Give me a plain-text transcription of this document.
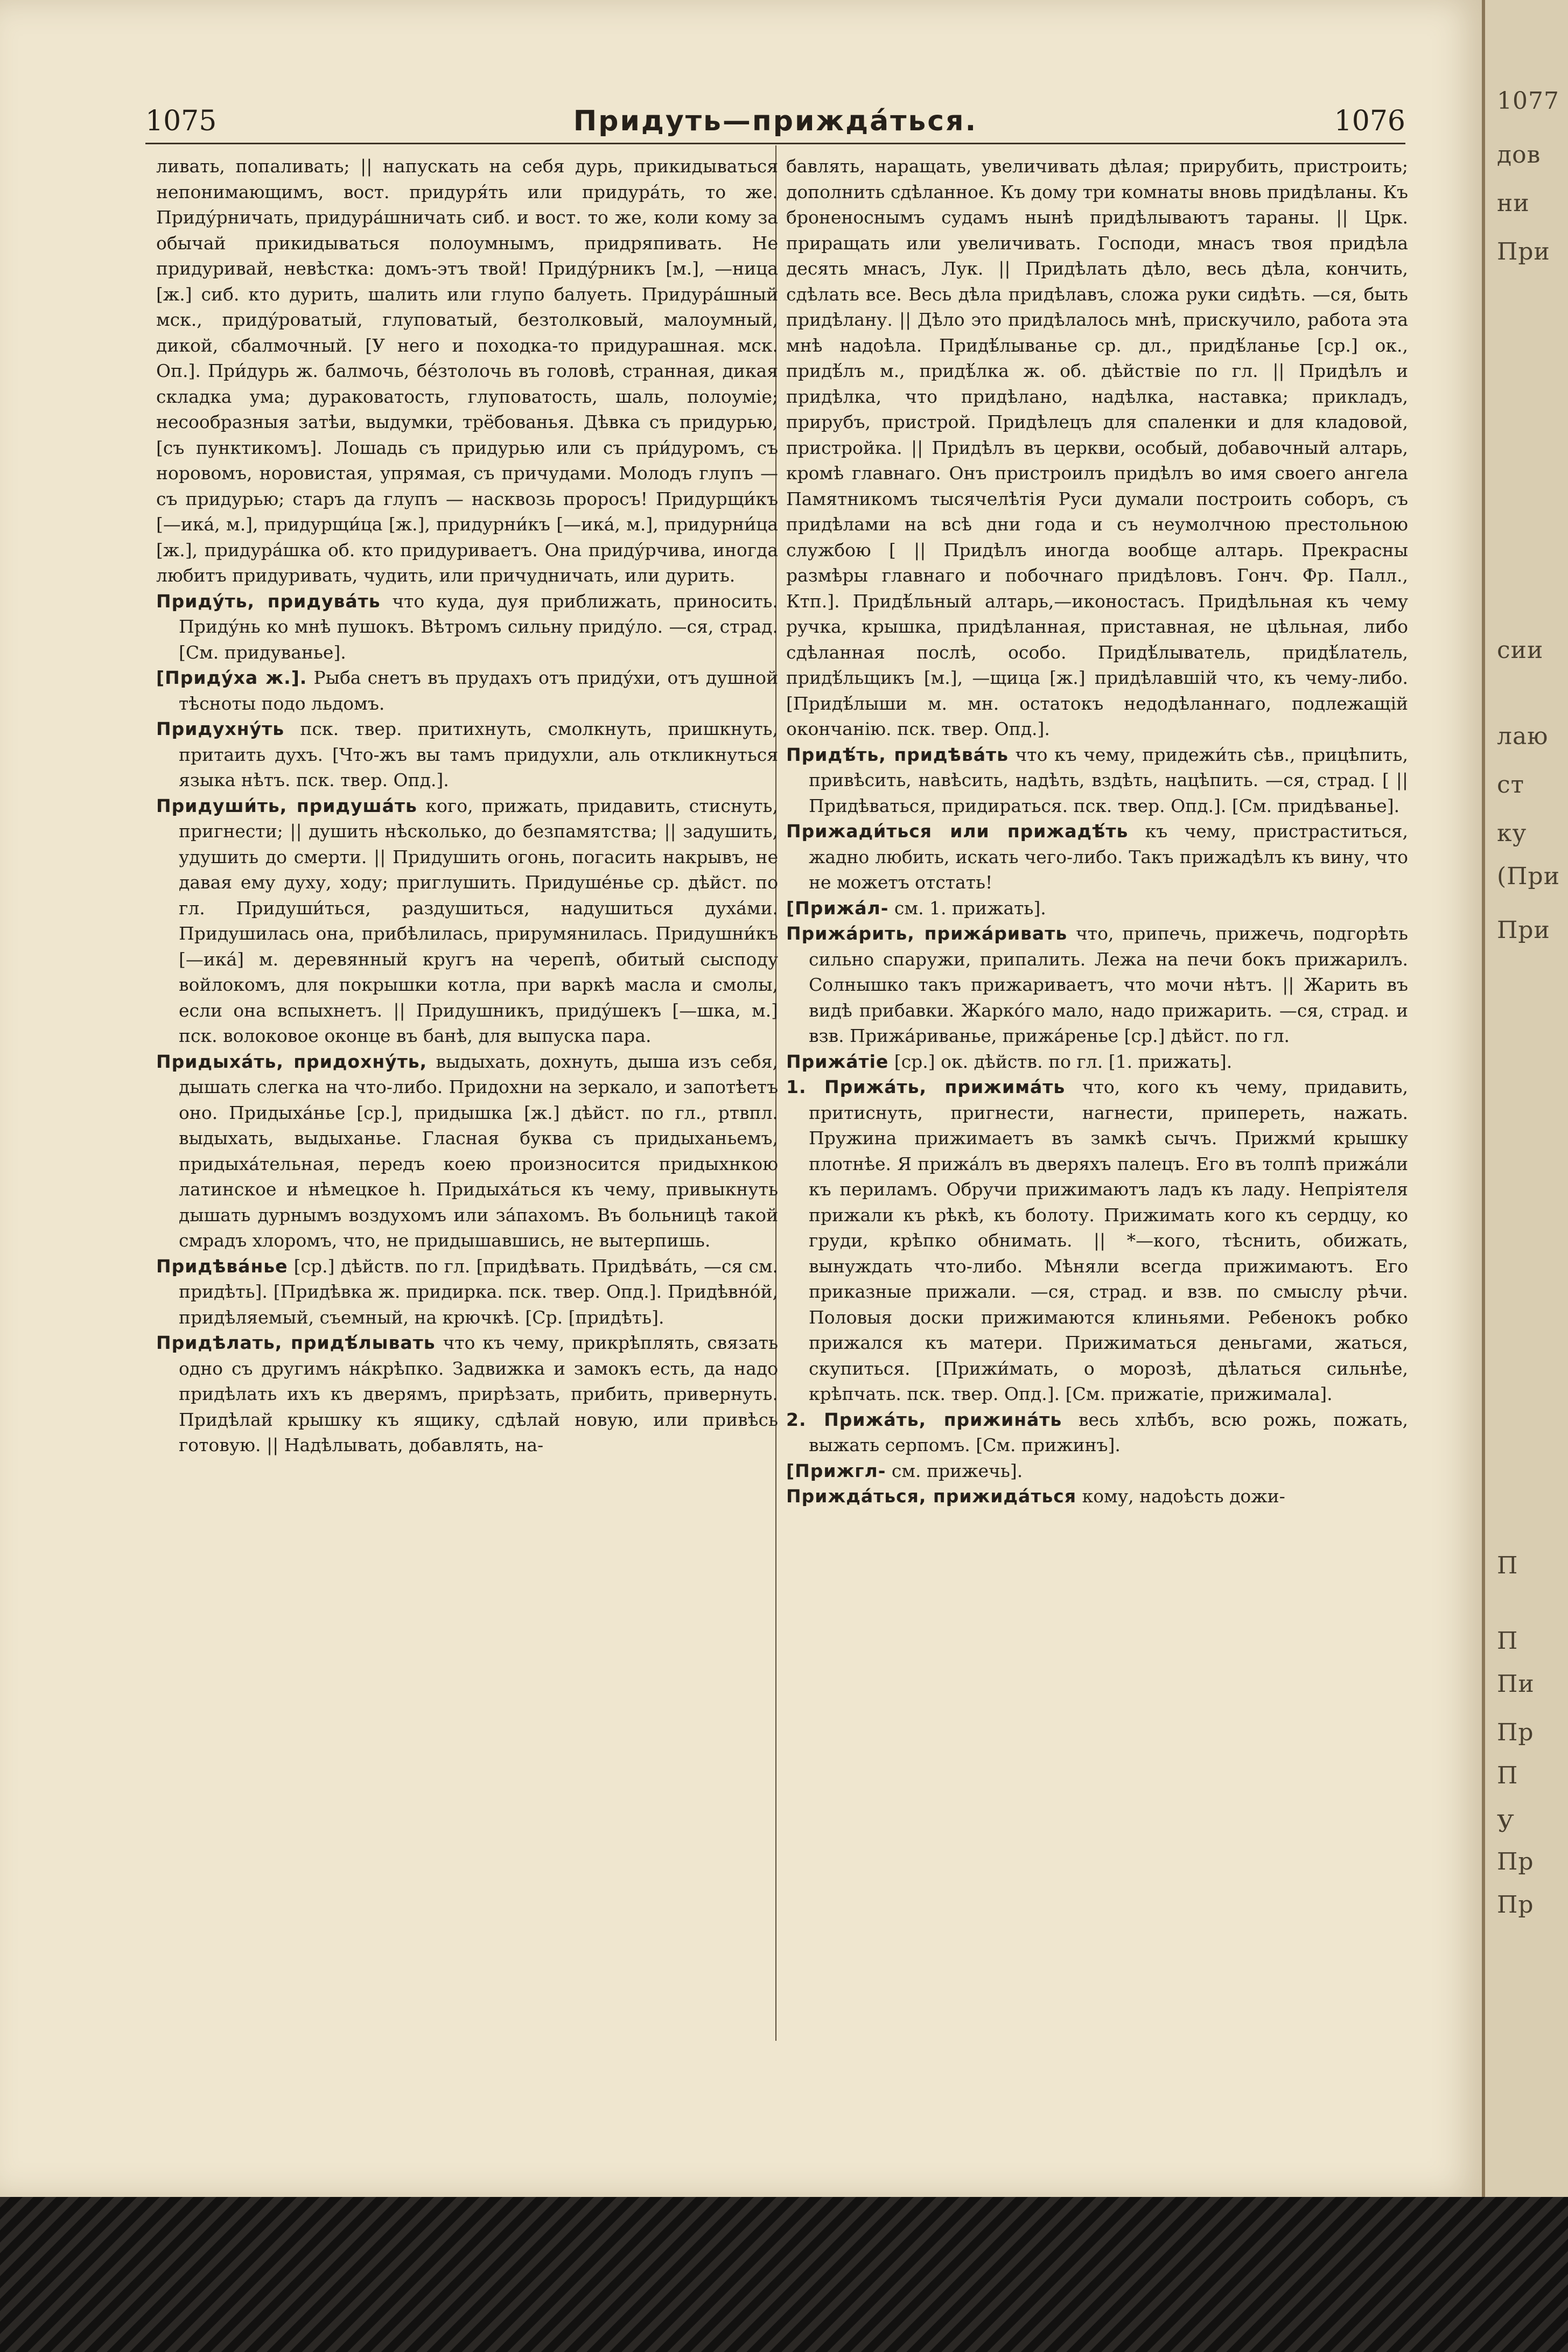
1075	Придуть—прижда́ться.	1076

ливать, попаливать; || напускать на себя дурь, прикидываться непонимающимъ, вост. придуря́ть или придура́ть, то же. Приду́рничать, придура́шничать сиб. и вост. то же, коли кому за обычай прикидываться полоумнымъ, придряпивать. Не придуривай, невѣстка: домъ-этъ твой! Приду́рникъ [м.], —ница [ж.] сиб. кто дурить, шалить или глупо балуеть. Придура́шный мск., приду́роватый, глуповатый, безтолковый, малоумный, дикой, сбалмочный. [У него и походка-то придурашная. мск. Оп.]. При́дурь ж. балмочь, бе́зтолочь въ головѣ, странная, дикая складка ума; дураковатость, глуповатость, шаль, полоумiе; несообразныя затѣи, выдумки, трёбованья. Дѣвка съ придурью, [съ пунктикомъ]. Лошадь съ придурью или съ при́дуромъ, съ норовомъ, норовистая, упрямая, съ причудами. Молодъ глупъ — съ придурью; старъ да глупъ — насквозь проросъ! Придурщи́къ [—ика́, м.], придурщи́ца [ж.], придурни́къ [—ика́, м.], придурни́ца [ж.], придура́шка об. кто придуриваетъ. Она приду́рчива, иногда любитъ придуривать, чудить, или причудничать, или дурить.

Приду́ть, придува́ть что куда, дуя приближать, приносить. Приду́нь ко мнѣ пушокъ. Вѣтромъ сильну приду́ло. —ся, страд. [См. придуванье].

[Приду́ха ж.]. Рыба снетъ въ прудахъ отъ приду́хи, отъ душной тѣсноты подо льдомъ.

Придухну́ть пск. твер. притихнуть, смолкнуть, пришкнуть, притаить духъ. [Что-жъ вы тамъ придухли, аль откликнуться языка нѣтъ. пск. твер. Опд.].

Придуши́ть, придуша́ть кого, прижать, придавить, стиснуть, пригнести; || душить нѣсколько, до безпамятства; || задушить, удушить до смерти. || Придушить огонь, погасить накрывъ, не давая ему духу, ходу; приглушить. Придуше́нье ср. дѣйст. по гл. Придуши́ться, раздушиться, надушиться духа́ми. Придушилась она, прибѣлилась, прирумянилась. Придушни́къ [—ика́] м. деревянный кругъ на черепѣ, обитый сысподу войлокомъ, для покрышки котла, при варкѣ масла и смолы, если она вспыхнетъ. || Придушникъ, приду́шекъ [—шка, м.] пск. волоковое оконце въ банѣ, для выпуска пара.

Придыха́ть, придохну́ть, выдыхать, дохнуть, дыша изъ себя, дышать слегка на что-либо. Придохни на зеркало, и запотѣетъ оно. Придыха́нье [ср.], придышка [ж.] дѣйст. по гл., ртвпл. выдыхать, выдыханье. Гласная буква съ придыханьемъ, придыха́тельная, передъ коею произносится придыхнкою латинское и нѣмецкое h. Придыха́ться къ чему, привыкнуть дышать дурнымъ воздухомъ или за́пахомъ. Въ больницѣ такой смрадъ хлоромъ, что, не придышавшись, не вытерпишь.

Придѣва́нье [ср.] дѣйств. по гл. [придѣвать. Придѣва́ть, —ся см. придѣть]. [Придѣвка ж. придирка. пск. твер. Опд.]. Придѣвно́й, придѣляемый, съемный, на крючкѣ. [Ср. [придѣть].

Придѣлать, придѣ́лывать что къ чему, прикрѣплять, связать одно съ другимъ на́крѣпко. Задвижка и замокъ есть, да надо придѣлать ихъ къ дверямъ, прирѣзать, прибить, привернуть. Придѣлай крышку къ ящику, сдѣлай новую, или привѣсь готовую. || Надѣлывать, добавлять, на-

бавлять, наращать, увеличивать дѣлая; прирубить, пристроить; дополнить сдѣланное. Къ дому три комнаты вновь придѣланы. Къ броненоснымъ судамъ нынѣ придѣлываютъ тараны. || Црк. приращать или увеличивать. Господи, мнасъ твоя придѣла десять мнасъ, Лук. || Придѣлать дѣло, весь дѣла, кончить, сдѣлать все. Весь дѣла придѣлавъ, сложа руки сидѣть. —ся, быть придѣлану. || Дѣло это придѣлалось мнѣ, прискучило, работа эта мнѣ надоѣла. Придѣ́лыванье ср. дл., придѣ́ланье [ср.] ок., придѣ́лъ м., придѣ́лка ж. об. дѣйствiе по гл. || Придѣлъ и придѣлка, что придѣлано, надѣлка, наставка; прикладъ, прирубъ, пристрой. Придѣлецъ для спаленки и для кладовой, пристройка. || Придѣлъ въ церкви, особый, добавочный алтарь, кромѣ главнаго. Онъ пристроилъ придѣлъ во имя своего ангела Памятникомъ тысячелѣтiя Руси думали построить соборъ, съ придѣлами на всѣ дни года и съ неумолчною престольною службою [ || Придѣлъ иногда вообще алтарь. Прекрасны размѣры главнаго и побочнаго придѣловъ. Гонч. Фр. Палл., Ктп.]. Придѣ́льный алтарь,—иконостасъ. Придѣльная къ чему ручка, крышка, придѣланная, приставная, не цѣльная, либо сдѣланная послѣ, особо. Придѣ́лыватель, придѣ́латель, придѣ́льщикъ [м.], —щица [ж.] придѣлавшiй что, къ чему-либо. [Придѣ́лыши м. мн. остатокъ недодѣланнаго, подлежащiй окончанiю. пск. твер. Опд.].

Придѣ́ть, придѣва́ть что къ чему, придежи́ть сѣв., прицѣпить, привѣсить, навѣсить, надѣть, вздѣть, нацѣпить. —ся, страд. [ || Придѣваться, придираться. пск. твер. Опд.]. [См. придѣванье].

Прижади́ться или прижадѣ́ть къ чему, пристраститься, жадно любить, искать чего-либо. Такъ прижадѣлъ къ вину, что не можетъ отстать!

[Прижа́л- см. 1. прижать].

Прижа́рить, прижа́ривать что, припечь, прижечь, подгорѣть сильно спаружи, припалить. Лежа на печи бокъ прижарилъ. Солнышко такъ прижариваетъ, что мочи нѣтъ. || Жарить въ видѣ прибавки. Жаркóго мало, надо прижарить. —ся, страд. и взв. Прижа́риванье, прижа́ренье [ср.] дѣйст. по гл.

Прижа́тiе [ср.] ок. дѣйств. по гл. [1. прижать].

1. Прижа́ть, прижима́ть что, кого къ чему, придавить, притиснуть, пригнести, нагнести, припереть, нажать. Пружина прижимаетъ въ замкѣ сычъ. Прижми́ крышку плотнѣе. Я прижа́лъ въ дверяхъ палецъ. Его въ толпѣ прижа́ли къ периламъ. Обручи прижимаютъ ладъ къ ладу. Непрiятеля прижали къ рѣкѣ, къ болоту. Прижимать кого къ сердцу, ко груди, крѣпко обнимать. || *—кого, тѣснить, обижать, вынуждать что-либо. Мѣняли всегда прижимаютъ. Его приказные прижали. —ся, страд. и взв. по смыслу рѣчи. Половыя доски прижимаются клиньями. Ребенокъ робко прижался къ матери. Прижиматься деньгами, жаться, скупиться. [Прижи́мать, о морозѣ, дѣлаться сильнѣе, крѣпчать. пск. твер. Опд.]. [См. прижатiе, прижимала].

2. Прижа́ть, прижина́ть весь хлѣбъ, всю рожь, пожать, выжать серпомъ. [См. прижинъ].

[Прижгл- см. прижечь].

Прижда́ться, прижида́ться кому, надоѣсть дожи-

1077
дов
ни
При
сии
лаю
ст
ку
(При
При
П
П
Пи
Пр
П
У
Пр
Пр
